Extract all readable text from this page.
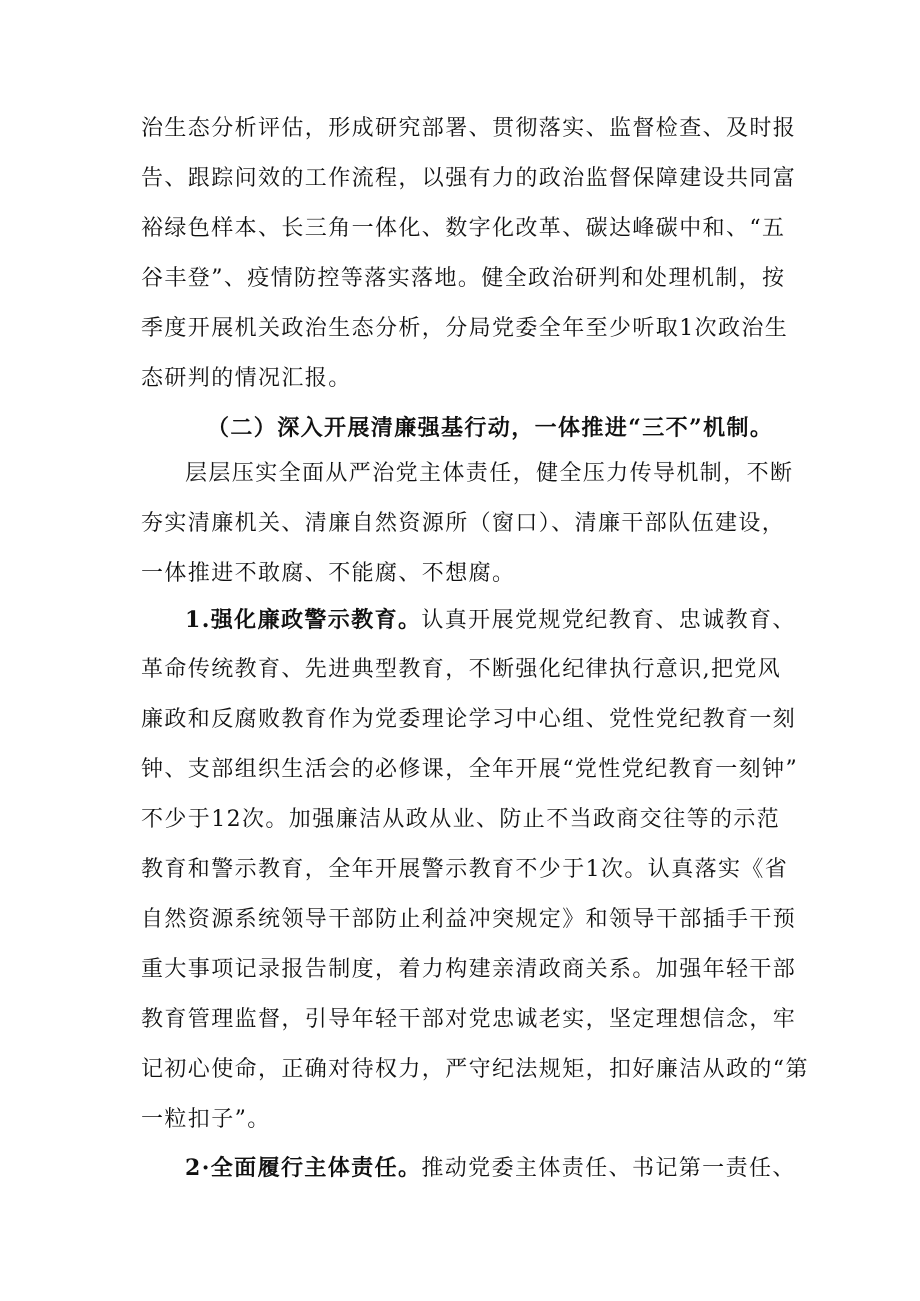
治生态分析评估，形成研究部署、贯彻落实、监督检查、及时报
告、跟踪问效的工作流程，以强有力的政治监督保障建设共同富
裕绿色样本、长三角一体化、数字化改革、碳达峰碳中和、“五
谷丰登”、疫情防控等落实落地。健全政治研判和处理机制，按
季度开展机关政治生态分析，分局党委全年至少听取1次政治生
态研判的情况汇报。
（二）深入开展清廉强基行动，一体推进“三不”机制。
层层压实全面从严治党主体责任，健全压力传导机制，不断
夯实清廉机关、清廉自然资源所（窗口）、清廉干部队伍建设，
一体推进不敢腐、不能腐、不想腐。
1.强化廉政警示教育。认真开展党规党纪教育、忠诚教育、
革命传统教育、先进典型教育，不断强化纪律执行意识,把党风
廉政和反腐败教育作为党委理论学习中心组、党性党纪教育一刻
钟、支部组织生活会的必修课，全年开展“党性党纪教育一刻钟”
不少于12次。加强廉洁从政从业、防止不当政商交往等的示范
教育和警示教育，全年开展警示教育不少于1次。认真落实《省
自然资源系统领导干部防止利益冲突规定》和领导干部插手干预
重大事项记录报告制度，着力构建亲清政商关系。加强年轻干部
教育管理监督，引导年轻干部对党忠诚老实，坚定理想信念，牢
记初心使命，正确对待权力，严守纪法规矩，扣好廉洁从政的“第
一粒扣子”。
2·全面履行主体责任。推动党委主体责任、书记第一责任、
